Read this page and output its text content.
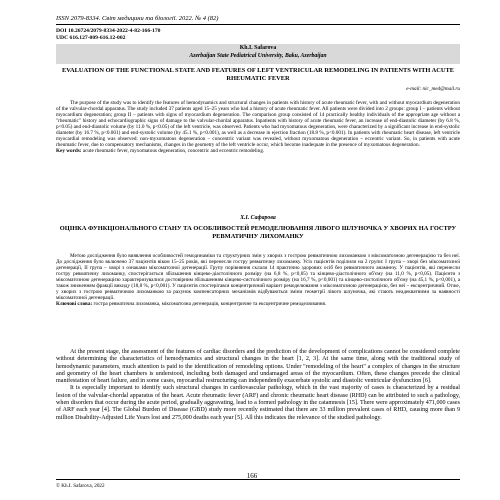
ISSN 2079-8334. Світ медицини та біології. 2022. № 4 (82)
DOI 10.26724/2079-8334-2022-4-82-166-170
UDC 616.127-009-616.12-002
Kh.I. Safarova
Azerbaijan State Pediatrical University, Baku, Azerbaijan
EVALUATION OF THE FUNCTIONAL STATE AND FEATURES OF LEFT VENTRICULAR REMODELING IN PATIENTS WITH ACUTE RHEUMATIC FEVER
e-mail: nic_med@mail.ru

The purpose of the study was to identify the features of hemodynamics and structural changes in patients with history of acute rheumatic fever, with and without myocardium degeneration of the valvular-chordal apparatus. The study included 37 patients aged 15–25 years who had a history of acute rheumatic fever. All patients were divided into 2 groups: group I – patients without myocardium degeneration; group II – patients with signs of myocardium degeneration. The comparison group consisted of 14 practically healthy individuals of the appropriate age without a "rheumatic" history and echocardiographic signs of damage to the valvular-chordal apparatus. Inpatients with history of acute rheumatic fever, an increase of end-diastolic diameter (by 6.8 %, p<0.05) and end-diastolic volume (by 11.0 %, p<0.05) of the left ventricle, was observed. Patients who had myxomatous degeneration, were characterized by a significant increase in end-systolic diameter (by 16.7 %, p<0.001) and end-systolic volume (by 45.1 %, p<0.001), as well as a decrease in ejection fraction (18.8 %, p<0.001). In patients with rheumatic heart disease, left ventricle myocardial remodeling was observed: non-myxomatous degeneration – concentric variant was revealed, without myxomatous degeneration – eccentric variant. So, in patients with acute rheumatic fever, due to compensatory mechanisms, changes in the geometry of the left ventricle occur, which become inadequate in the presence of myxomatous degeneration.

Key words: acute rheumatic fever, myxomatous degeneration, concentric and eccentric remodeling.

Х.І. Сафарова
ОЦІНКА ФУНКЦІОНАЛЬНОГО СТАНУ ТА ОСОБЛИВОСТЕЙ РЕМОДЕЛЮВАННЯ ЛІВОГО ШЛУНОЧКА У ХВОРИХ НА ГОСТРУ РЕВМАТИЧНУ ЛИХОМАНКУ

Метою дослідження було виявлення особливостей гемодинаміки та структурних змін у хворих з гострою ревматичною лихоманкою з міксоматозною дегенерацією та без неї. До дослідження було включено 37 пацієнтів віком 15–25 років, які перенесли гостру ревматичну лихоманку. Усіх пацієнтів поділили на 2 групи: І група – хворі без міксоматозної дегенерації, ІІ група – хворі з ознаками міксоматозної дегенерації. Групу порівняння склали 14 практично здорових осіб без ревматичного анамнезу. У пацієнтів, які перенесли гостру ревматичну лихоманку, спостерігається збільшення кінцево-діастолічного розміру (на 6,8 %, р<0,05) та кінцево-діастолічного об'єму (на 11,0 %, р<0,05). Пацієнти з міксоматозною дегенерацією характеризувалися достовірним збільшенням кінцево-систолічного розміру (на 16,7 %, р<0,001) та кінцево-систолічного об'єму (на 45,1 %, р<0,001), а також зниженням фракції викиду (18,8 %, р<0,001). У пацієнтів спостерігався концентричний варіант ремоделювання з міксоматозною дегенерацією, без неї – ексцентричний. Отже, у хворих з гострою ревматичною лихоманкою за рахунок компенсаторних механізмів відбуваються зміни геометрії лівого шлуночка, які стають неадекватними за наявності міксоматозної дегенерації.

Ключові слова: гостра ревматична лихоманка, міксоматозна дегенерація, концентричне та ексцентричне ремоделювання.

At the present stage, the assessment of the features of cardiac disorders and the prediction of the development of complications cannot be considered complete without determining the characteristics of hemodynamics and structural changes in the heart [1, 2, 3]. At the same time, along with the traditional study of hemodynamic parameters, much attention is paid to the identification of remodeling options. Under "remodeling of the heart" a complex of changes in the structure and geometry of the heart chambers is understood, including both damaged and undamaged areas of the myocardium. Often, these changes precede the clinical manifestation of heart failure, and in some cases, myocardial restructuring can independently exacerbate systolic and diastolic ventricular dysfunction [6].

It is especially important to identify such structural changes in cardiovascular pathology, which in the vast majority of cases is characterized by a residual lesion of the valvular-chordal apparatus of the heart. Acute rheumatic fever (ARF) and chronic rheumatic heart disease (RHD) can be attributed to such a pathology, when disorders that occur during the acute period, gradually aggravating, lead to a formed pathology in the catamnesis [15]. There were approximately 471,000 cases of ARF each year [4]. The Global Burden of Disease (GBD) study more recently estimated that there are 33 million prevalent cases of RHD, causing more than 9 million Disability-Adjusted Life Years lost and 275,000 deaths each year [5]. All this indicates the relevance of the studied pathology.

166
© Kh.I. Safarova, 2022
